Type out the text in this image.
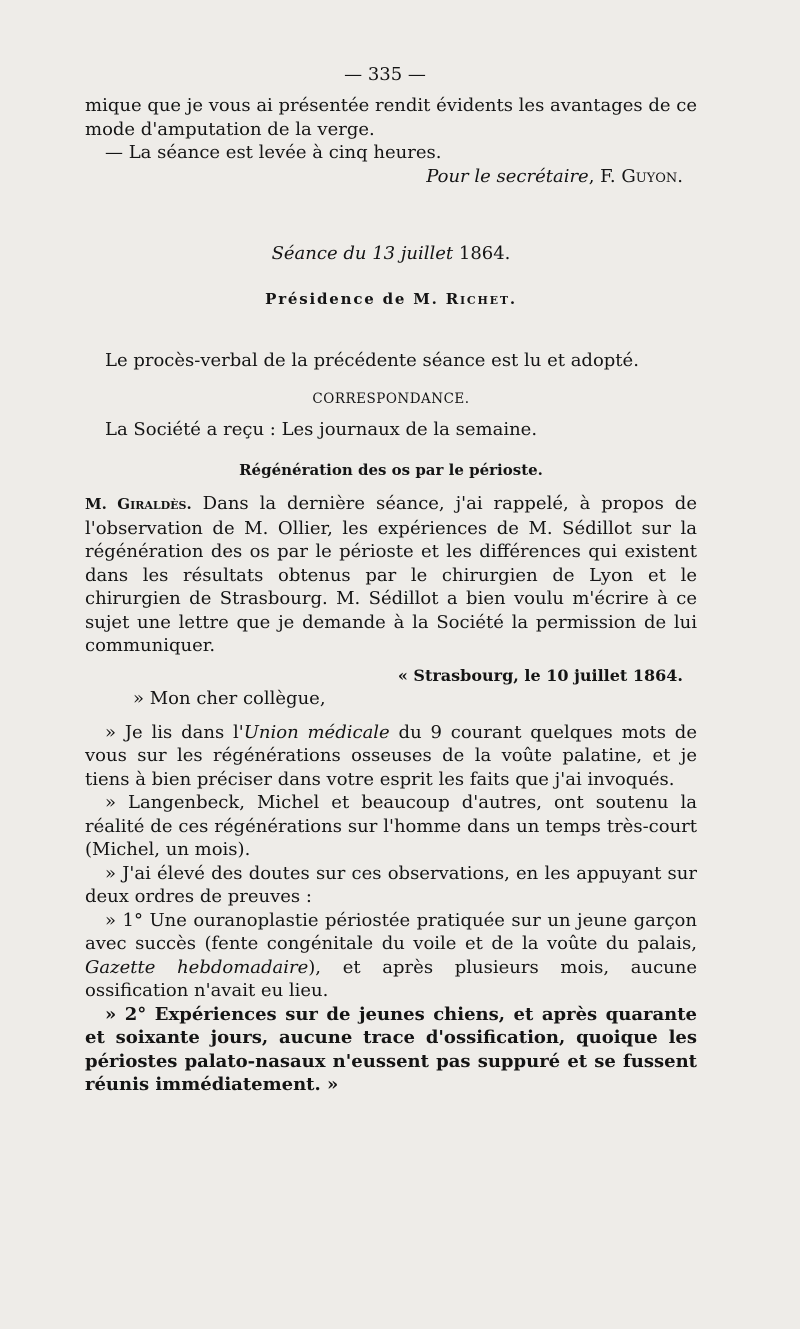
— 335 —

mique que je vous ai présentée rendit évidents les avantages de ce mode d'amputation de la verge.

— La séance est levée à cinq heures.

Pour le secrétaire, F. Guyon.

Séance du 13 juillet 1864.

Présidence de M. Richet.

Le procès-verbal de la précédente séance est lu et adopté.

CORRESPONDANCE.

La Société a reçu : Les journaux de la semaine.

Régénération des os par le périoste.

M. Giraldès. Dans la dernière séance, j'ai rappelé, à propos de l'observation de M. Ollier, les expériences de M. Sédillot sur la régénération des os par le périoste et les différences qui existent dans les résultats obtenus par le chirurgien de Lyon et le chirurgien de Strasbourg. M. Sédillot a bien voulu m'écrire à ce sujet une lettre que je demande à la Société la permission de lui communiquer.

« Strasbourg, le 10 juillet 1864.

» Mon cher collègue,

» Je lis dans l'Union médicale du 9 courant quelques mots de vous sur les régénérations osseuses de la voûte palatine, et je tiens à bien préciser dans votre esprit les faits que j'ai invoqués.

» Langenbeck, Michel et beaucoup d'autres, ont soutenu la réalité de ces régénérations sur l'homme dans un temps très-court (Michel, un mois).

» J'ai élevé des doutes sur ces observations, en les appuyant sur deux ordres de preuves :

» 1° Une ouranoplastie périostée pratiquée sur un jeune garçon avec succès (fente congénitale du voile et de la voûte du palais, Gazette hebdomadaire), et après plusieurs mois, aucune ossification n'avait eu lieu.

» 2° Expériences sur de jeunes chiens, et après quarante et soixante jours, aucune trace d'ossification, quoique les périostes palato-nasaux n'eussent pas suppuré et se fussent réunis immédiatement. »
